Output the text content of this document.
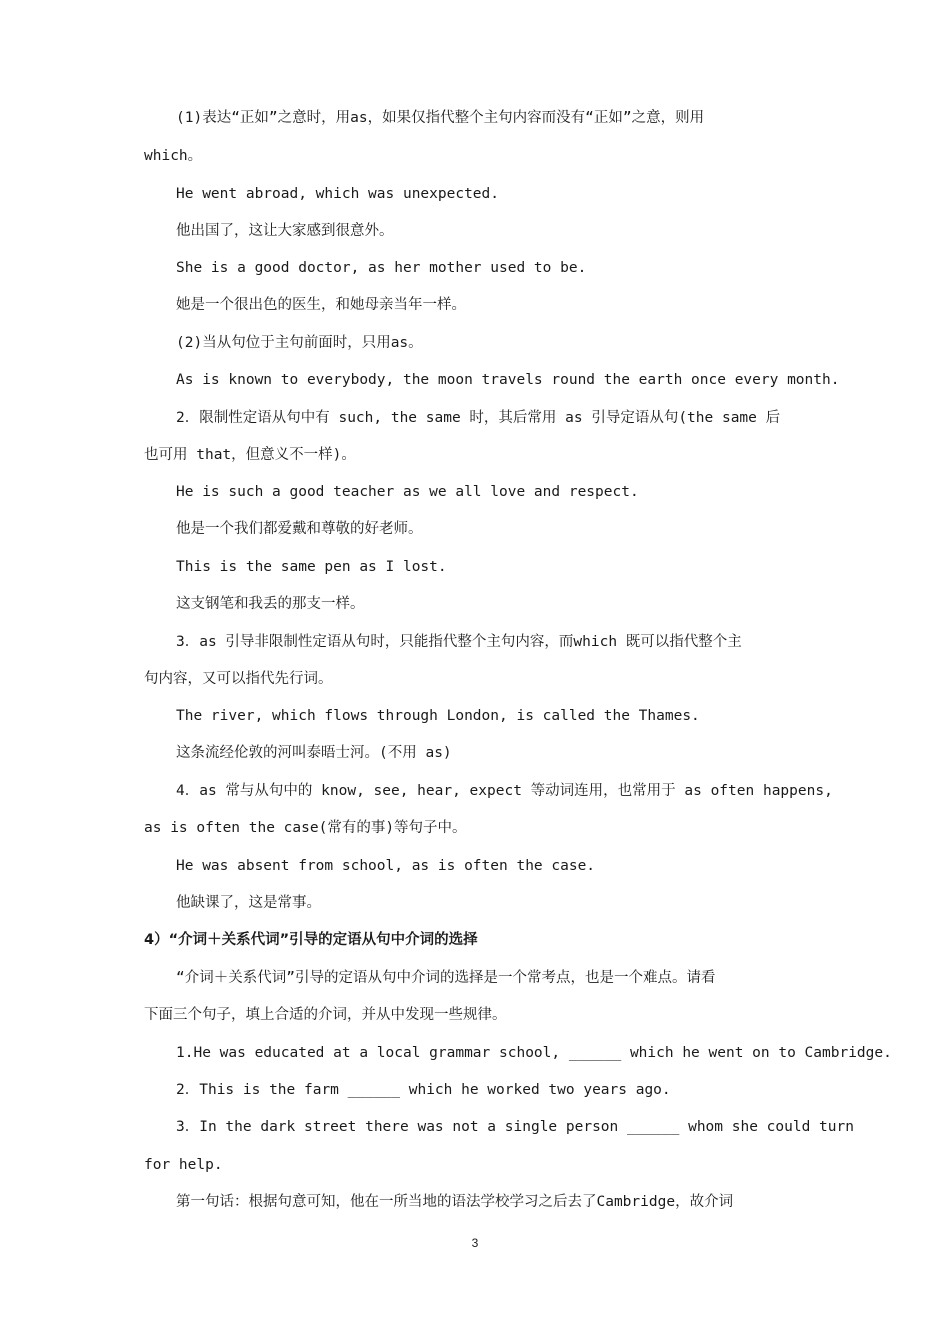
(1)表达“正如”之意时，用as，如果仅指代整个主句内容而没有“正如”之意，则用
which。
He went abroad, which was unexpected.
他出国了，这让大家感到很意外。
She is a good doctor, as her mother used to be.
她是一个很出色的医生，和她母亲当年一样。
(2)当从句位于主句前面时，只用as。
As is known to everybody, the moon travels round the earth once every month.
2．限制性定语从句中有 such, the same 时，其后常用 as 引导定语从句(the same 后
也可用 that，但意义不一样)。
He is such a good teacher as we all love and respect.
他是一个我们都爱戴和尊敬的好老师。
This is the same pen as I lost.
这支钢笔和我丢的那支一样。
3．as 引导非限制性定语从句时，只能指代整个主句内容，而which 既可以指代整个主
句内容，又可以指代先行词。
The river, which flows through London, is called the Thames.
这条流经伦敦的河叫泰晤士河。(不用 as)
4．as 常与从句中的 know, see, hear, expect 等动词连用，也常用于 as often happens,
as is often the case(常有的事)等句子中。
He was absent from school, as is often the case.
他缺课了，这是常事。
4）“介词＋关系代词”引导的定语从句中介词的选择
“介词＋关系代词”引导的定语从句中介词的选择是一个常考点，也是一个难点。请看
下面三个句子，填上合适的介词，并从中发现一些规律。
1.He was educated at a local grammar school, ______ which he went on to Cambridge.
2．This is the farm ______ which he worked two years ago.
3．In the dark street there was not a single person ______ whom she could turn
for help.
第一句话：根据句意可知，他在一所当地的语法学校学习之后去了Cambridge，故介词
3
